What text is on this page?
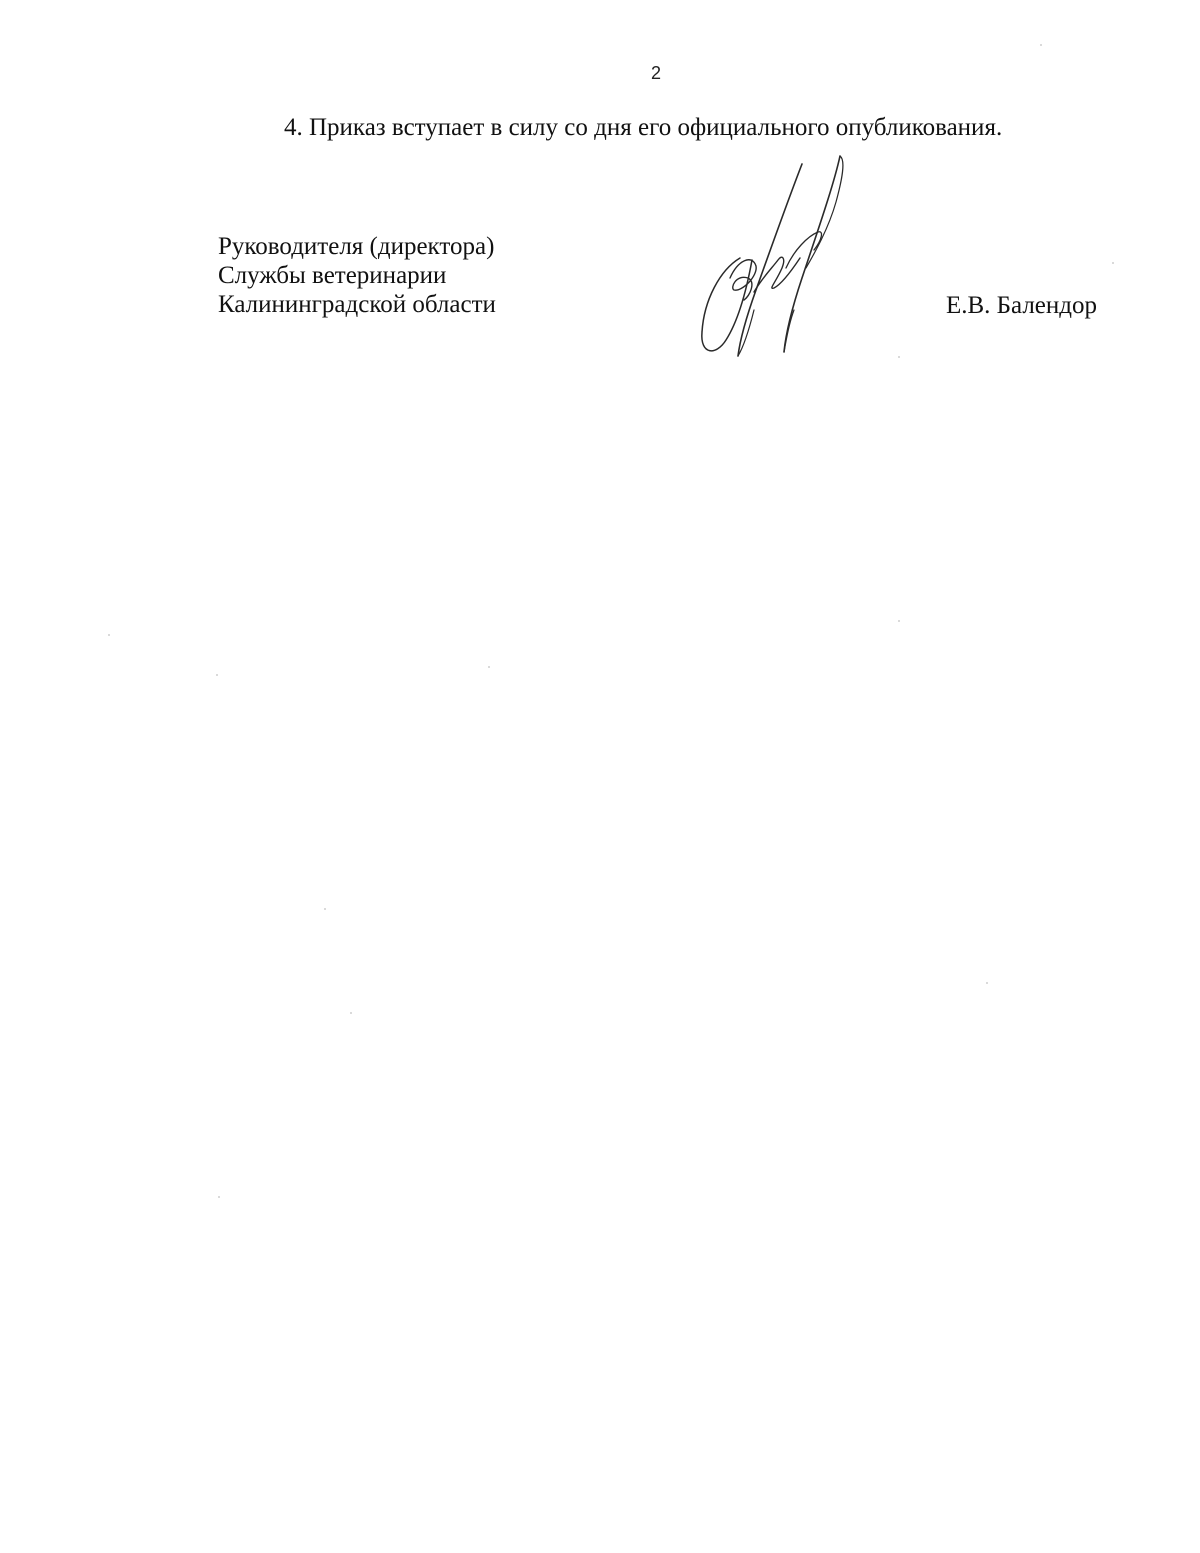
2
4. Приказ вступает в силу со дня его официального опубликования.
Руководителя (директора)
Службы ветеринарии
Калининградской области	Е.В. Балендор
